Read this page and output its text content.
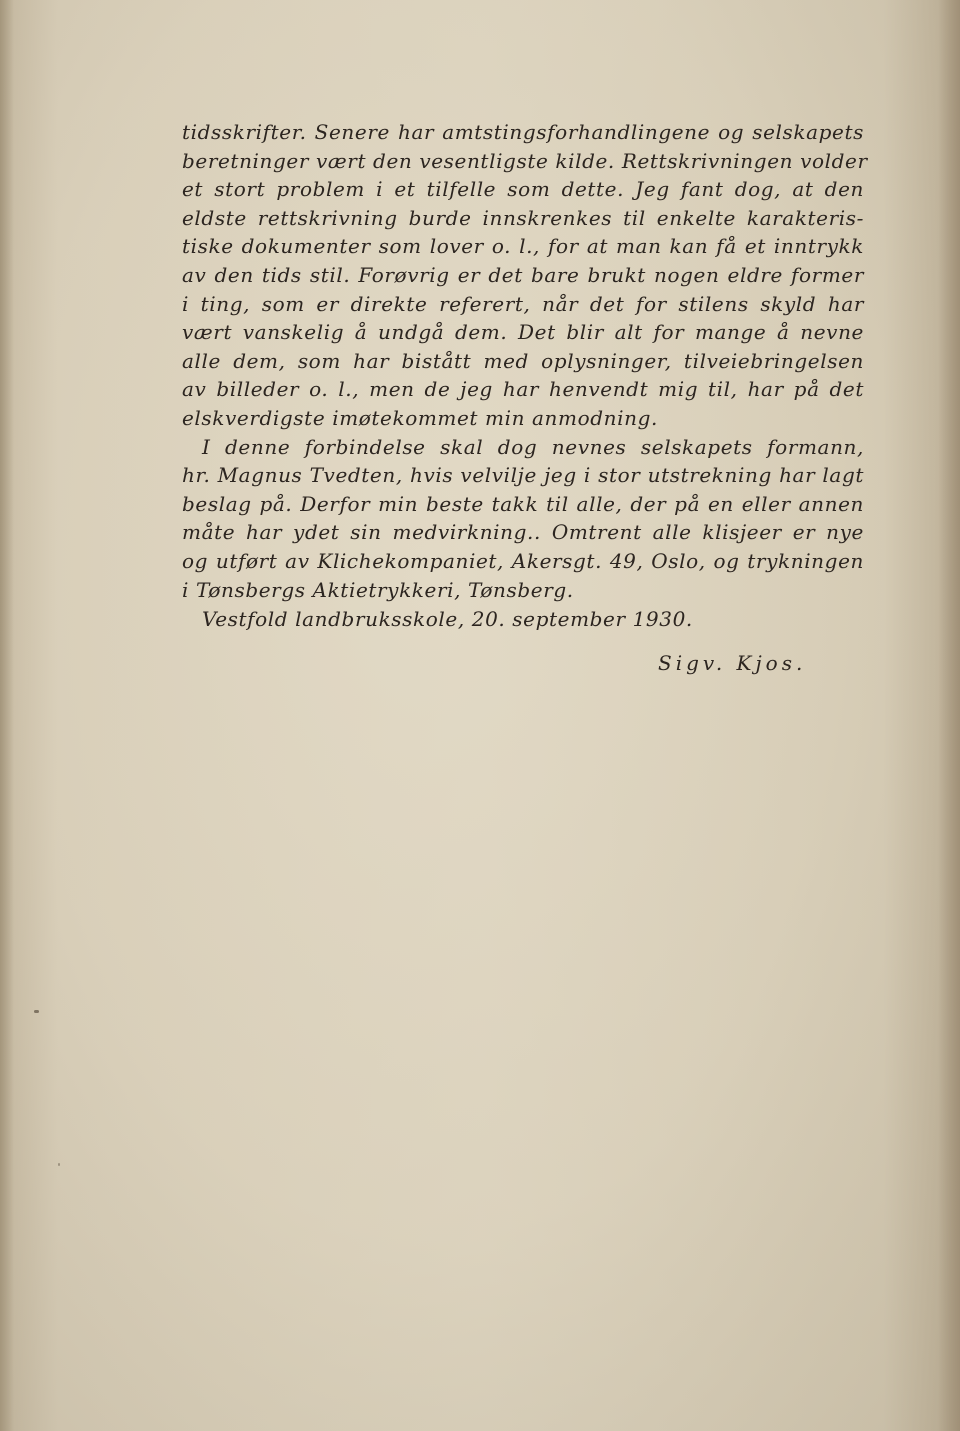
tidsskrifter. Senere har amtstingsforhandlingene og selskapets
beretninger vært den vesentligste kilde. Rettskrivningen volder
et stort problem i et tilfelle som dette. Jeg fant dog, at den
eldste rettskrivning burde innskrenkes til enkelte karakteris-
tiske dokumenter som lover o. l., for at man kan få et inntrykk
av den tids stil. Forøvrig er det bare brukt nogen eldre former
i ting, som er direkte referert, når det for stilens skyld har
vært vanskelig å undgå dem. Det blir alt for mange å nevne
alle dem, som har bistått med oplysninger, tilveiebringelsen
av billeder o. l., men de jeg har henvendt mig til, har på det
elskverdigste imøtekommet min anmodning.
I denne forbindelse skal dog nevnes selskapets formann,
hr. Magnus Tvedten, hvis velvilje jeg i stor utstrekning har lagt
beslag på. Derfor min beste takk til alle, der på en eller annen
måte har ydet sin medvirkning.. Omtrent alle klisjeer er nye
og utført av Klichekompaniet, Akersgt. 49, Oslo, og trykningen
i Tønsbergs Aktietrykkeri, Tønsberg.
Vestfold landbruksskole, 20. september 1930.
Sigv. Kjos.
